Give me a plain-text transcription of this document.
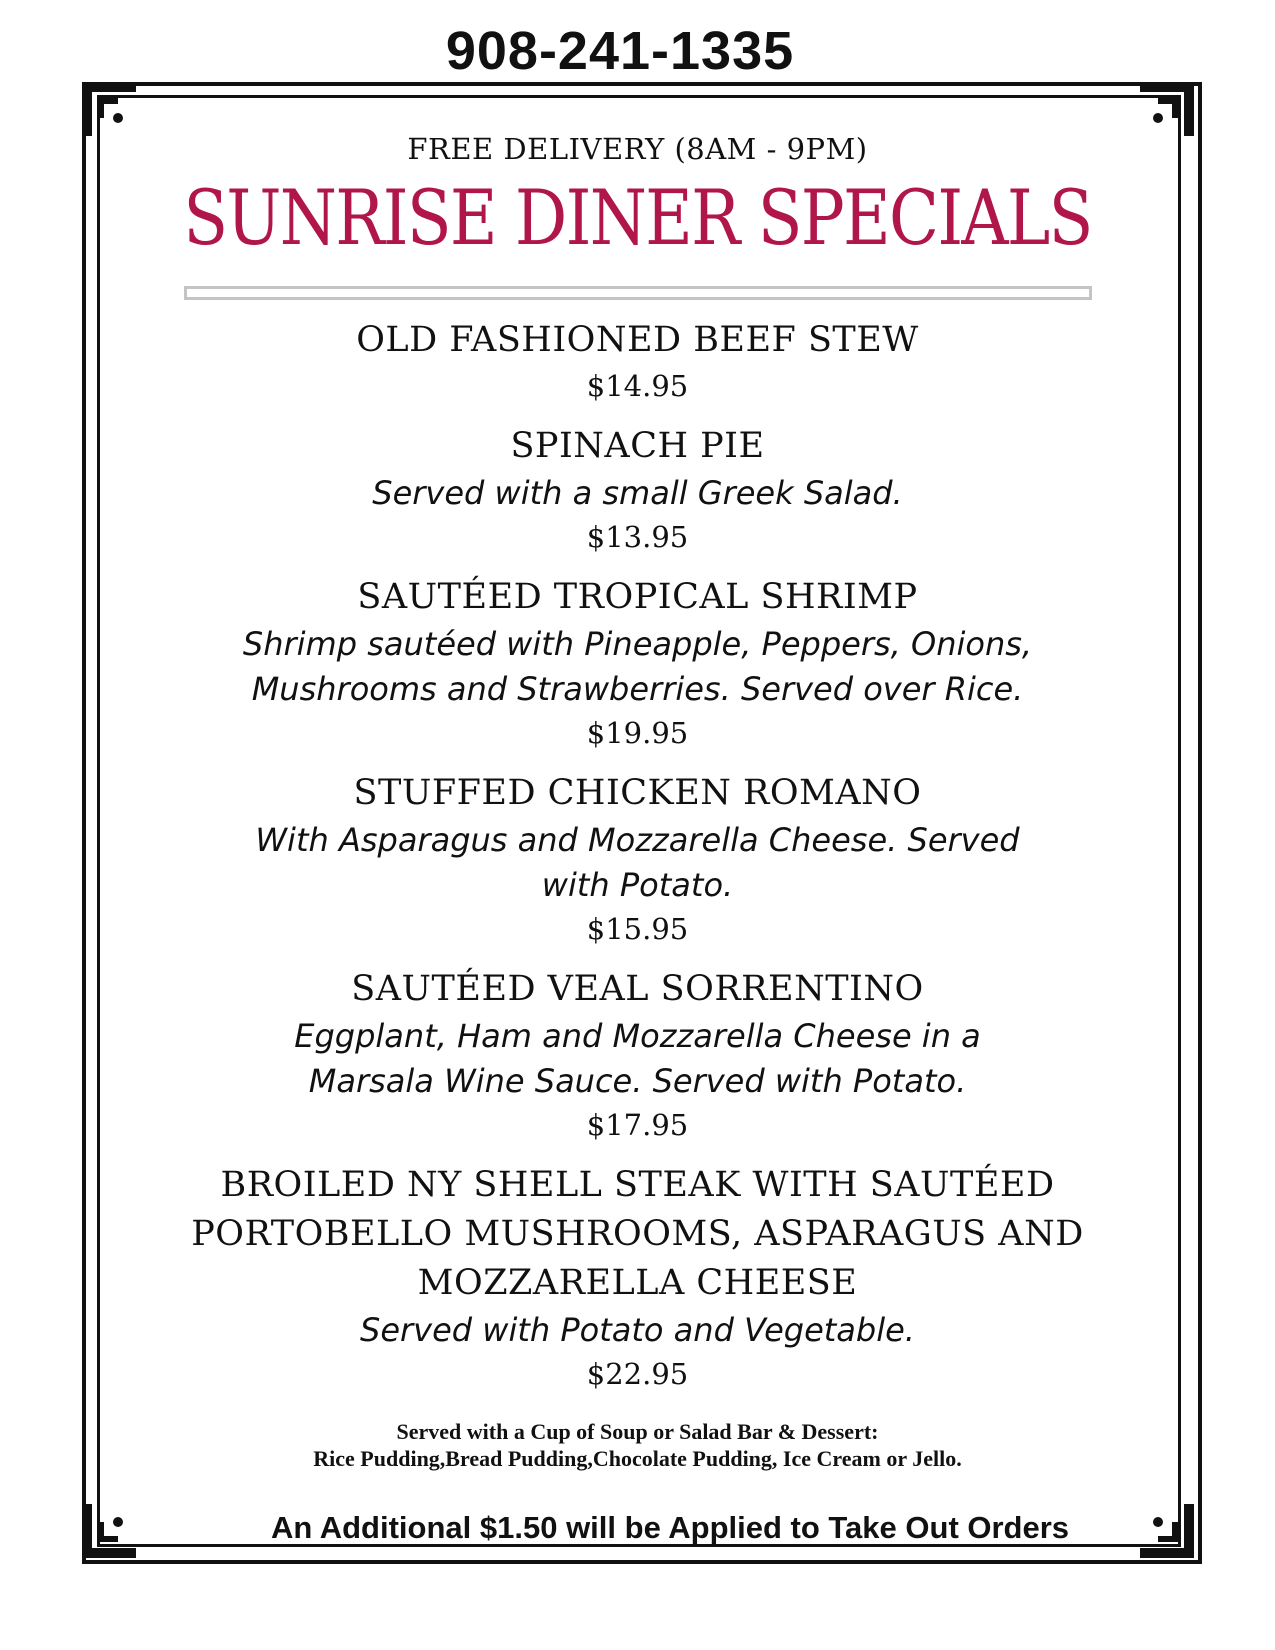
908-241-1335
FREE DELIVERY (8AM - 9PM)
SUNRISE DINER SPECIALS
OLD FASHIONED BEEF STEW
$14.95
SPINACH PIE
Served with a small Greek Salad.
$13.95
SAUTÉED TROPICAL SHRIMP
Shrimp sautéed with Pineapple, Peppers, Onions, Mushrooms and Strawberries. Served over Rice.
$19.95
STUFFED CHICKEN ROMANO
With Asparagus and Mozzarella Cheese. Served with Potato.
$15.95
SAUTÉED VEAL SORRENTINO
Eggplant, Ham and Mozzarella Cheese in a Marsala Wine Sauce. Served with Potato.
$17.95
BROILED NY SHELL STEAK WITH SAUTÉED PORTOBELLO MUSHROOMS, ASPARAGUS AND MOZZARELLA CHEESE
Served with Potato and Vegetable.
$22.95
Served with a Cup of Soup or Salad Bar & Dessert:
Rice Pudding,Bread Pudding,Chocolate Pudding, Ice Cream or Jello.
An Additional $1.50 will be Applied to Take Out Orders
